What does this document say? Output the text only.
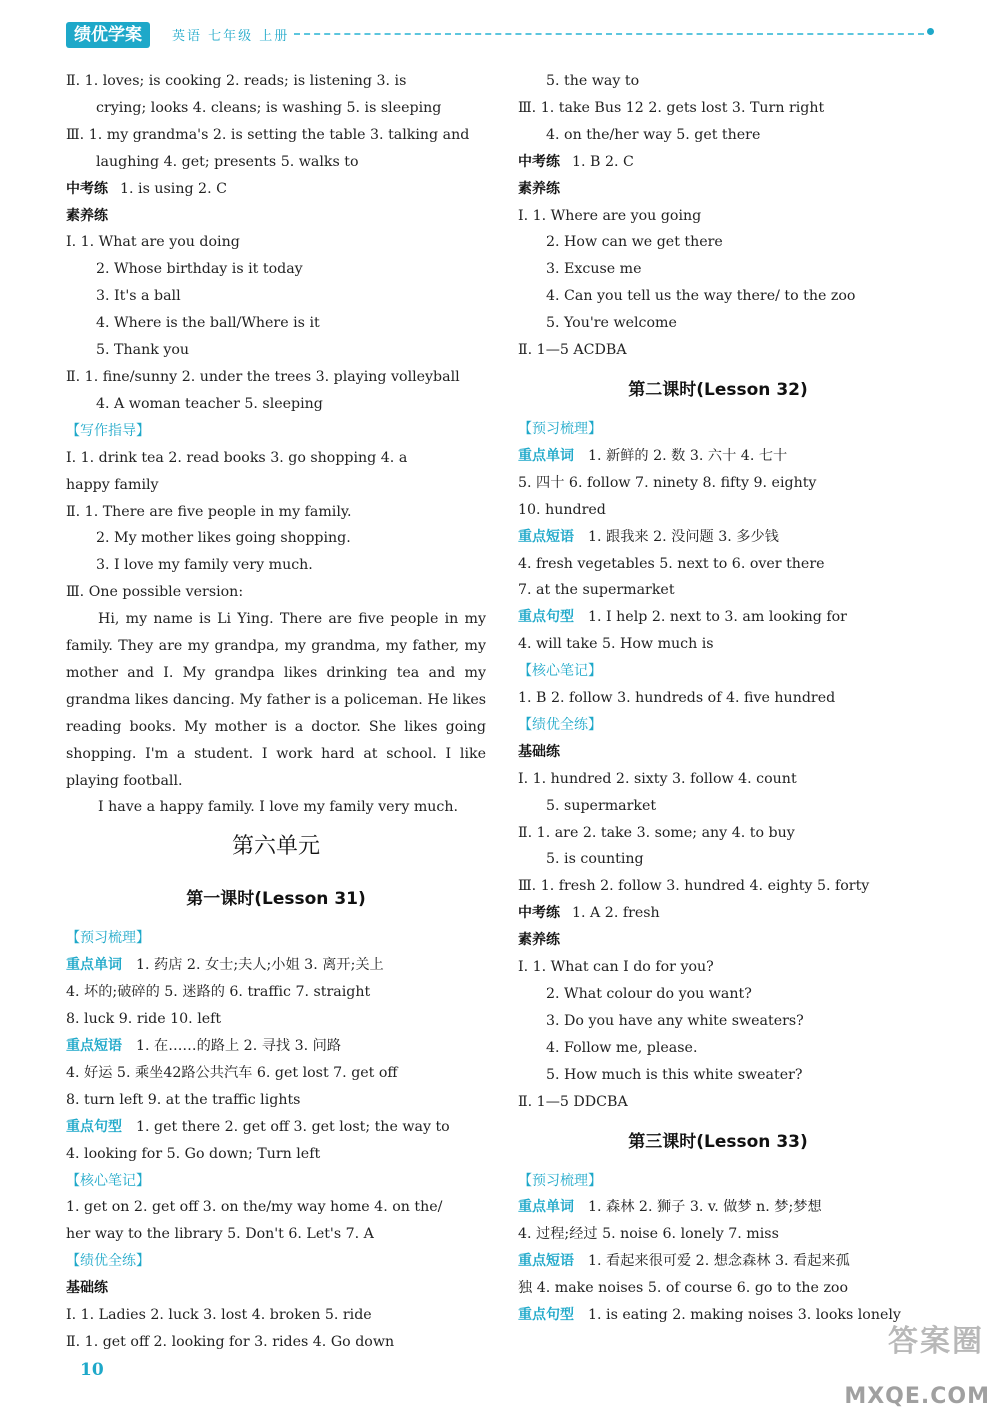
绩优学案	英语 七年级 上册
Ⅱ. 1. loves; is cooking 2. reads; is listening 3. is
crying; looks 4. cleans; is washing 5. is sleeping
Ⅲ. 1. my grandma's 2. is setting the table 3. talking and
laughing 4. get; presents 5. walks to
中考练 1. is using 2. C
素养练
Ⅰ. 1. What are you doing
2. Whose birthday is it today
3. It's a ball
4. Where is the ball/Where is it
5. Thank you
Ⅱ. 1. fine/sunny 2. under the trees 3. playing volleyball
4. A woman teacher 5. sleeping
【写作指导】
Ⅰ. 1. drink tea 2. read books 3. go shopping 4. a
happy family
Ⅱ. 1. There are five people in my family.
2. My mother likes going shopping.
3. I love my family very much.
Ⅲ. One possible version:

Hi, my name is Li Ying. There are five people in my family. They are my grandpa, my grandma, my father, my mother and I. My grandpa likes drinking tea and my grandma likes dancing. My father is a policeman. He likes reading books. My mother is a doctor. She likes going shopping. I'm a student. I work hard at school. I like playing football.

I have a happy family. I love my family very much.

第六单元
第一课时(Lesson 31)
【预习梳理】
重点单词 1. 药店 2. 女士;夫人;小姐 3. 离开;关上
4. 坏的;破碎的 5. 迷路的 6. traffic 7. straight
8. luck 9. ride 10. left
重点短语 1. 在……的路上 2. 寻找 3. 问路
4. 好运 5. 乘坐42路公共汽车 6. get lost 7. get off
8. turn left 9. at the traffic lights
重点句型 1. get there 2. get off 3. get lost; the way to
4. looking for 5. Go down; Turn left
【核心笔记】
1. get on 2. get off 3. on the/my way home 4. on the/
her way to the library 5. Don't 6. Let's 7. A
【绩优全练】
基础练
Ⅰ. 1. Ladies 2. luck 3. lost 4. broken 5. ride
Ⅱ. 1. get off 2. looking for 3. rides 4. Go down
5. the way to
Ⅲ. 1. take Bus 12 2. gets lost 3. Turn right
4. on the/her way 5. get there
中考练 1. B 2. C
素养练
Ⅰ. 1. Where are you going
2. How can we get there
3. Excuse me
4. Can you tell us the way there/ to the zoo
5. You're welcome
Ⅱ. 1—5 ACDBA
第二课时(Lesson 32)
【预习梳理】
重点单词 1. 新鲜的 2. 数 3. 六十 4. 七十
5. 四十 6. follow 7. ninety 8. fifty 9. eighty
10. hundred
重点短语 1. 跟我来 2. 没问题 3. 多少钱
4. fresh vegetables 5. next to 6. over there
7. at the supermarket
重点句型 1. I help 2. next to 3. am looking for
4. will take 5. How much is
【核心笔记】
1. B 2. follow 3. hundreds of 4. five hundred
【绩优全练】
基础练
Ⅰ. 1. hundred 2. sixty 3. follow 4. count
5. supermarket
Ⅱ. 1. are 2. take 3. some; any 4. to buy
5. is counting
Ⅲ. 1. fresh 2. follow 3. hundred 4. eighty 5. forty
中考练 1. A 2. fresh
素养练
Ⅰ. 1. What can I do for you?
2. What colour do you want?
3. Do you have any white sweaters?
4. Follow me, please.
5. How much is this white sweater?
Ⅱ. 1—5 DDCBA
第三课时(Lesson 33)
【预习梳理】
重点单词 1. 森林 2. 狮子 3. v. 做梦 n. 梦;梦想
4. 过程;经过 5. noise 6. lonely 7. miss
重点短语 1. 看起来很可爱 2. 想念森林 3. 看起来孤
独 4. make noises 5. of course 6. go to the zoo
重点句型 1. is eating 2. making noises 3. looks lonely
10
答案圈
MXQE.COM
